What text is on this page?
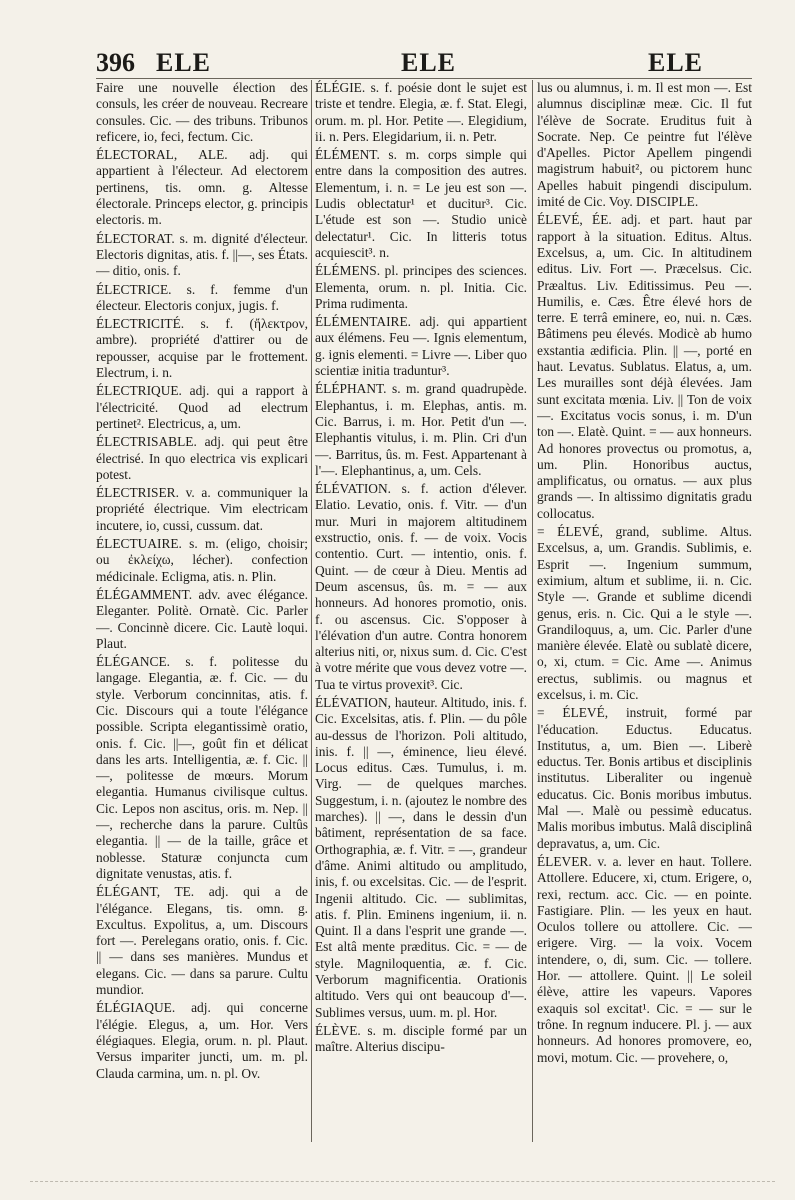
396 ELE	ELE	ELE

Faire une nouvelle élection des consuls, les créer de nouveau. Recreare consules. Cic. — des tribuns. Tribunos reficere, io, feci, fectum. Cic.

ÉLECTORAL, ALE. adj. qui appartient à l'électeur. Ad electorem pertinens, tis. omn. g. Altesse électorale. Princeps elector, g. principis electoris. m.

ÉLECTORAT. s. m. dignité d'électeur. Electoris dignitas, atis. f. ||—, ses États. — ditio, onis. f.

ÉLECTRICE. s. f. femme d'un électeur. Electoris conjux, jugis. f.

ÉLECTRICITÉ. s. f. (ἤλεκτρον, ambre). propriété d'attirer ou de repousser, acquise par le frottement. Electrum, i. n.

ÉLECTRIQUE. adj. qui a rapport à l'électricité. Quod ad electrum pertinet². Electricus, a, um.

ÉLECTRISABLE. adj. qui peut être électrisé. In quo electrica vis explicari potest.

ÉLECTRISER. v. a. communiquer la propriété électrique. Vim electricam incutere, io, cussi, cussum. dat.

ÉLECTUAIRE. s. m. (eligo, choisir; ou ἐκλείχω, lécher). confection médicinale. Ecligma, atis. n. Plin.

ÉLÉGAMMENT. adv. avec élégance. Eleganter. Politè. Ornatè. Cic. Parler —. Concinnè dicere. Cic. Lautè loqui. Plaut.

ÉLÉGANCE. s. f. politesse du langage. Elegantia, æ. f. Cic. — du style. Verborum concinnitas, atis. f. Cic. Discours qui a toute l'élégance possible. Scripta elegantissimè oratio, onis. f. Cic. ||—, goût fin et délicat dans les arts. Intelligentia, æ. f. Cic. || —, politesse de mœurs. Morum elegantia. Humanus civilisque cultus. Cic. Lepos non ascitus, oris. m. Nep. ||—, recherche dans la parure. Cultûs elegantia. || — de la taille, grâce et noblesse. Staturæ conjuncta cum dignitate venustas, atis. f.

ÉLÉGANT, TE. adj. qui a de l'élégance. Elegans, tis. omn. g. Excultus. Expolitus, a, um. Discours fort —. Perelegans oratio, onis. f. Cic. || — dans ses manières. Mundus et elegans. Cic. — dans sa parure. Cultu mundior.

ÉLÉGIAQUE. adj. qui concerne l'élégie. Elegus, a, um. Hor. Vers élégiaques. Elegia, orum. n. pl. Plaut. Versus impariter juncti, um. m. pl. Clauda carmina, um. n. pl. Ov.

ÉLÉGIE. s. f. poésie dont le sujet est triste et tendre. Elegia, æ. f. Stat. Elegi, orum. m. pl. Hor. Petite —. Elegidium, ii. n. Pers. Elegidarium, ii. n. Petr.

ÉLÉMENT. s. m. corps simple qui entre dans la composition des autres. Elementum, i. n. = Le jeu est son —. Ludis oblectatur¹ et ducitur³. Cic. L'étude est son —. Studio unicè delectatur¹. Cic. In litteris totus acquiescit³. n.

ÉLÉMENS. pl. principes des sciences. Elementa, orum. n. pl. Initia. Cic. Prima rudimenta.

ÉLÉMENTAIRE. adj. qui appartient aux élémens. Feu —. Ignis elementum, g. ignis elementi. = Livre —. Liber quo scientiæ initia traduntur³.

ÉLÉPHANT. s. m. grand quadrupède. Elephantus, i. m. Elephas, antis. m. Cic. Barrus, i. m. Hor. Petit d'un —. Elephantis vitulus, i. m. Plin. Cri d'un —. Barritus, ûs. m. Fest. Appartenant à l'—. Elephantinus, a, um. Cels.

ÉLÉVATION. s. f. action d'élever. Elatio. Levatio, onis. f. Vitr. — d'un mur. Muri in majorem altitudinem exstructio, onis. f. — de voix. Vocis contentio. Curt. — intentio, onis. f. Quint. — de cœur à Dieu. Mentis ad Deum ascensus, ûs. m. = — aux honneurs. Ad honores promotio, onis. f. ou ascensus. Cic. S'opposer à l'élévation d'un autre. Contra honorem alterius niti, or, nixus sum. d. Cic. C'est à votre mérite que vous devez votre —. Tua te virtus provexit³. Cic.

ÉLÉVATION, hauteur. Altitudo, inis. f. Cic. Excelsitas, atis. f. Plin. — du pôle au-dessus de l'horizon. Poli altitudo, inis. f. || —, éminence, lieu élevé. Locus editus. Cæs. Tumulus, i. m. Virg. — de quelques marches. Suggestum, i. n. (ajoutez le nombre des marches). || —, dans le dessin d'un bâtiment, représentation de sa face. Orthographia, æ. f. Vitr. = —, grandeur d'âme. Animi altitudo ou amplitudo, inis, f. ou excelsitas. Cic. — de l'esprit. Ingenii altitudo. Cic. — sublimitas, atis. f. Plin. Eminens ingenium, ii. n. Quint. Il a dans l'esprit une grande —. Est altâ mente præditus. Cic. = — de style. Magniloquentia, æ. f. Cic. Verborum magnificentia. Orationis altitudo. Vers qui ont beaucoup d'—. Sublimes versus, uum. m. pl. Hor.

ÉLÈVE. s. m. disciple formé par un maître. Alterius discipu-

lus ou alumnus, i. m. Il est mon —. Est alumnus disciplinæ meæ. Cic. Il fut l'élève de Socrate. Eruditus fuit à Socrate. Nep. Ce peintre fut l'élève d'Apelles. Pictor Apellem pingendi magistrum habuit², ou pictorem hunc Apelles habuit pingendi discipulum. imité de Cic. Voy. DISCIPLE.

ÉLEVÉ, ÉE. adj. et part. haut par rapport à la situation. Editus. Altus. Excelsus, a, um. Cic. In altitudinem editus. Liv. Fort —. Præcelsus. Cic. Præaltus. Liv. Editissimus. Peu —. Humilis, e. Cæs. Être élevé hors de terre. E terrâ eminere, eo, nui. n. Cæs. Bâtimens peu élevés. Modicè ab humo exstantia ædificia. Plin. || —, porté en haut. Levatus. Sublatus. Elatus, a, um. Les murailles sont déjà élevées. Jam sunt excitata mœnia. Liv. || Ton de voix —. Excitatus vocis sonus, i. m. D'un ton —. Elatè. Quint. = — aux honneurs. Ad honores provectus ou promotus, a, um. Plin. Honoribus auctus, amplificatus, ou ornatus. — aux plus grands —. In altissimo dignitatis gradu collocatus.

= ÉLEVÉ, grand, sublime. Altus. Excelsus, a, um. Grandis. Sublimis, e. Esprit —. Ingenium summum, eximium, altum et sublime, ii. n. Cic. Style —. Grande et sublime dicendi genus, eris. n. Cic. Qui a le style —. Grandiloquus, a, um. Cic. Parler d'une manière élevée. Elatè ou sublatè dicere, o, xi, ctum. = Cic. Ame —. Animus erectus, sublimis. ou magnus et excelsus, i. m. Cic.

= ÉLEVÉ, instruit, formé par l'éducation. Eductus. Educatus. Institutus, a, um. Bien —. Liberè eductus. Ter. Bonis artibus et disciplinis institutus. Liberaliter ou ingenuè educatus. Cic. Bonis moribus imbutus. Mal —. Malè ou pessimè educatus. Malis moribus imbutus. Malâ disciplinâ depravatus, a, um. Cic.

ÉLEVER. v. a. lever en haut. Tollere. Attollere. Educere, xi, ctum. Erigere, o, rexi, rectum. acc. Cic. — en pointe. Fastigiare. Plin. — les yeux en haut. Oculos tollere ou attollere. Cic. — erigere. Virg. — la voix. Vocem intendere, o, di, sum. Cic. — tollere. Hor. — attollere. Quint. || Le soleil élève, attire les vapeurs. Vapores exaquis sol excitat¹. Cic. = — sur le trône. In regnum inducere. Pl. j. — aux honneurs. Ad honores promovere, eo, movi, motum. Cic. — provehere, o,
